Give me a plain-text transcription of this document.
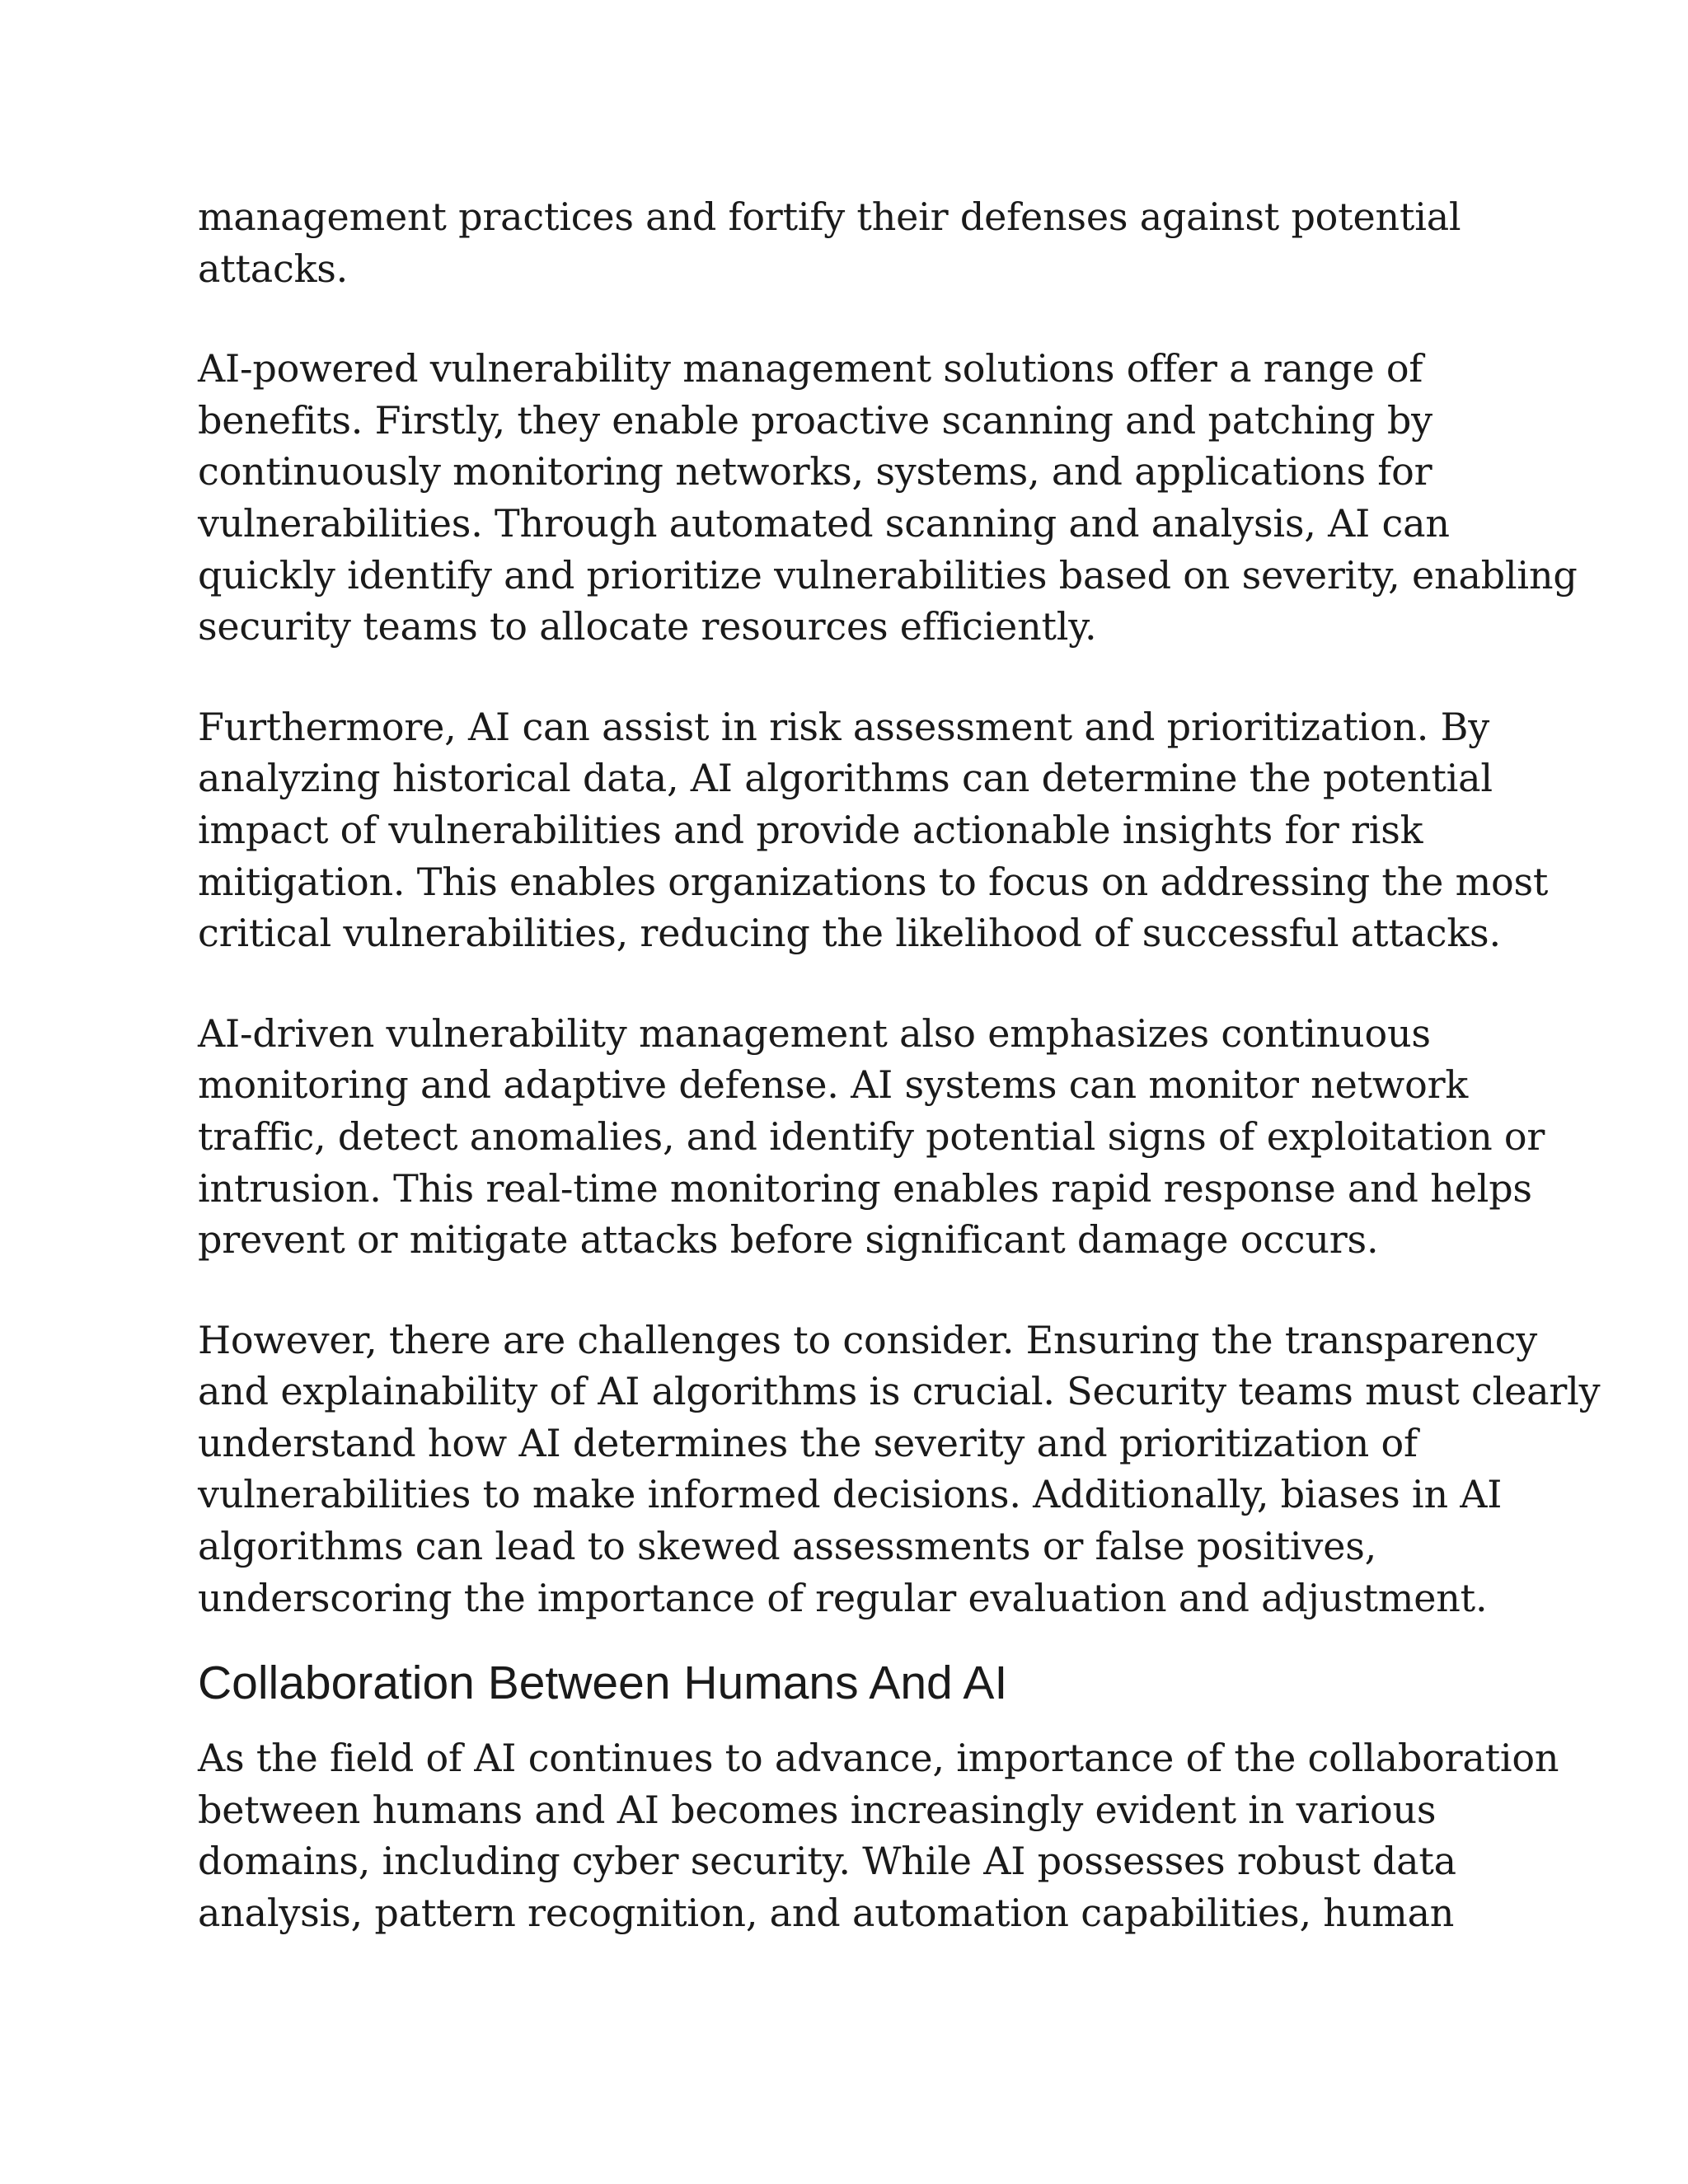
management practices and fortify their defenses against potential
attacks.

AI-powered vulnerability management solutions offer a range of
benefits. Firstly, they enable proactive scanning and patching by
continuously monitoring networks, systems, and applications for
vulnerabilities. Through automated scanning and analysis, AI can
quickly identify and prioritize vulnerabilities based on severity, enabling
security teams to allocate resources efficiently.

Furthermore, AI can assist in risk assessment and prioritization. By
analyzing historical data, AI algorithms can determine the potential
impact of vulnerabilities and provide actionable insights for risk
mitigation. This enables organizations to focus on addressing the most
critical vulnerabilities, reducing the likelihood of successful attacks.

AI-driven vulnerability management also emphasizes continuous
monitoring and adaptive defense. AI systems can monitor network
traffic, detect anomalies, and identify potential signs of exploitation or
intrusion. This real-time monitoring enables rapid response and helps
prevent or mitigate attacks before significant damage occurs.

However, there are challenges to consider. Ensuring the transparency
and explainability of AI algorithms is crucial. Security teams must clearly
understand how AI determines the severity and prioritization of
vulnerabilities to make informed decisions. Additionally, biases in AI
algorithms can lead to skewed assessments or false positives,
underscoring the importance of regular evaluation and adjustment.

Collaboration Between Humans And AI

As the field of AI continues to advance, importance of the collaboration
between humans and AI becomes increasingly evident in various
domains, including cyber security. While AI possesses robust data
analysis, pattern recognition, and automation capabilities, human
